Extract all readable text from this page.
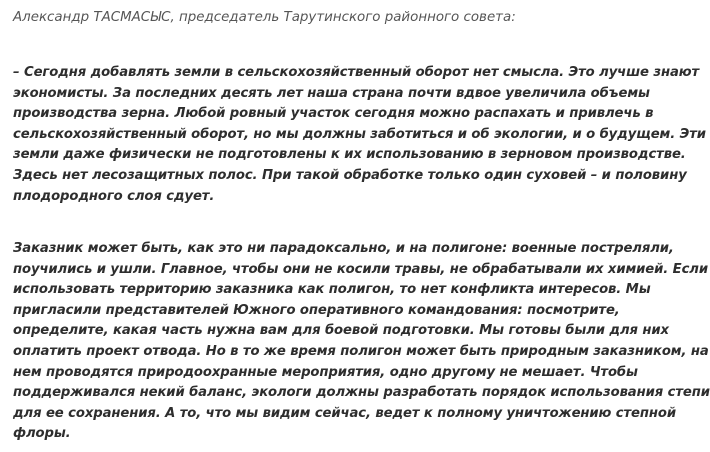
Александр ТАСМАСЫС, председатель Тарутинского районного совета:
– Сегодня добавлять земли в сельскохозяйственный оборот нет смысла. Это лучше знают
экономисты. За последних десять лет наша страна почти вдвое увеличила объемы
производства зерна. Любой ровный участок сегодня можно распахать и привлечь в
сельскохозяйственный оборот, но мы должны заботиться и об экологии, и о будущем. Эти
земли даже физически не подготовлены к их использованию в зерновом производстве.
Здесь нет лесозащитных полос. При такой обработке только один суховей – и половину
плодородного слоя сдует.
Заказник может быть, как это ни парадоксально, и на полигоне: военные постреляли,
поучились и ушли. Главное, чтобы они не косили травы, не обрабатывали их химией. Если
использовать территорию заказника как полигон, то нет конфликта интересов. Мы
пригласили представителей Южного оперативного командования: посмотрите,
определите, какая часть нужна вам для боевой подготовки. Мы готовы были для них
оплатить проект отвода. Но в то же время полигон может быть природным заказником, на
нем проводятся природоохранные мероприятия, одно другому не мешает. Чтобы
поддерживался некий баланс, экологи должны разработать порядок использования степи
для ее сохранения. А то, что мы видим сейчас, ведет к полному уничтожению степной
флоры.
